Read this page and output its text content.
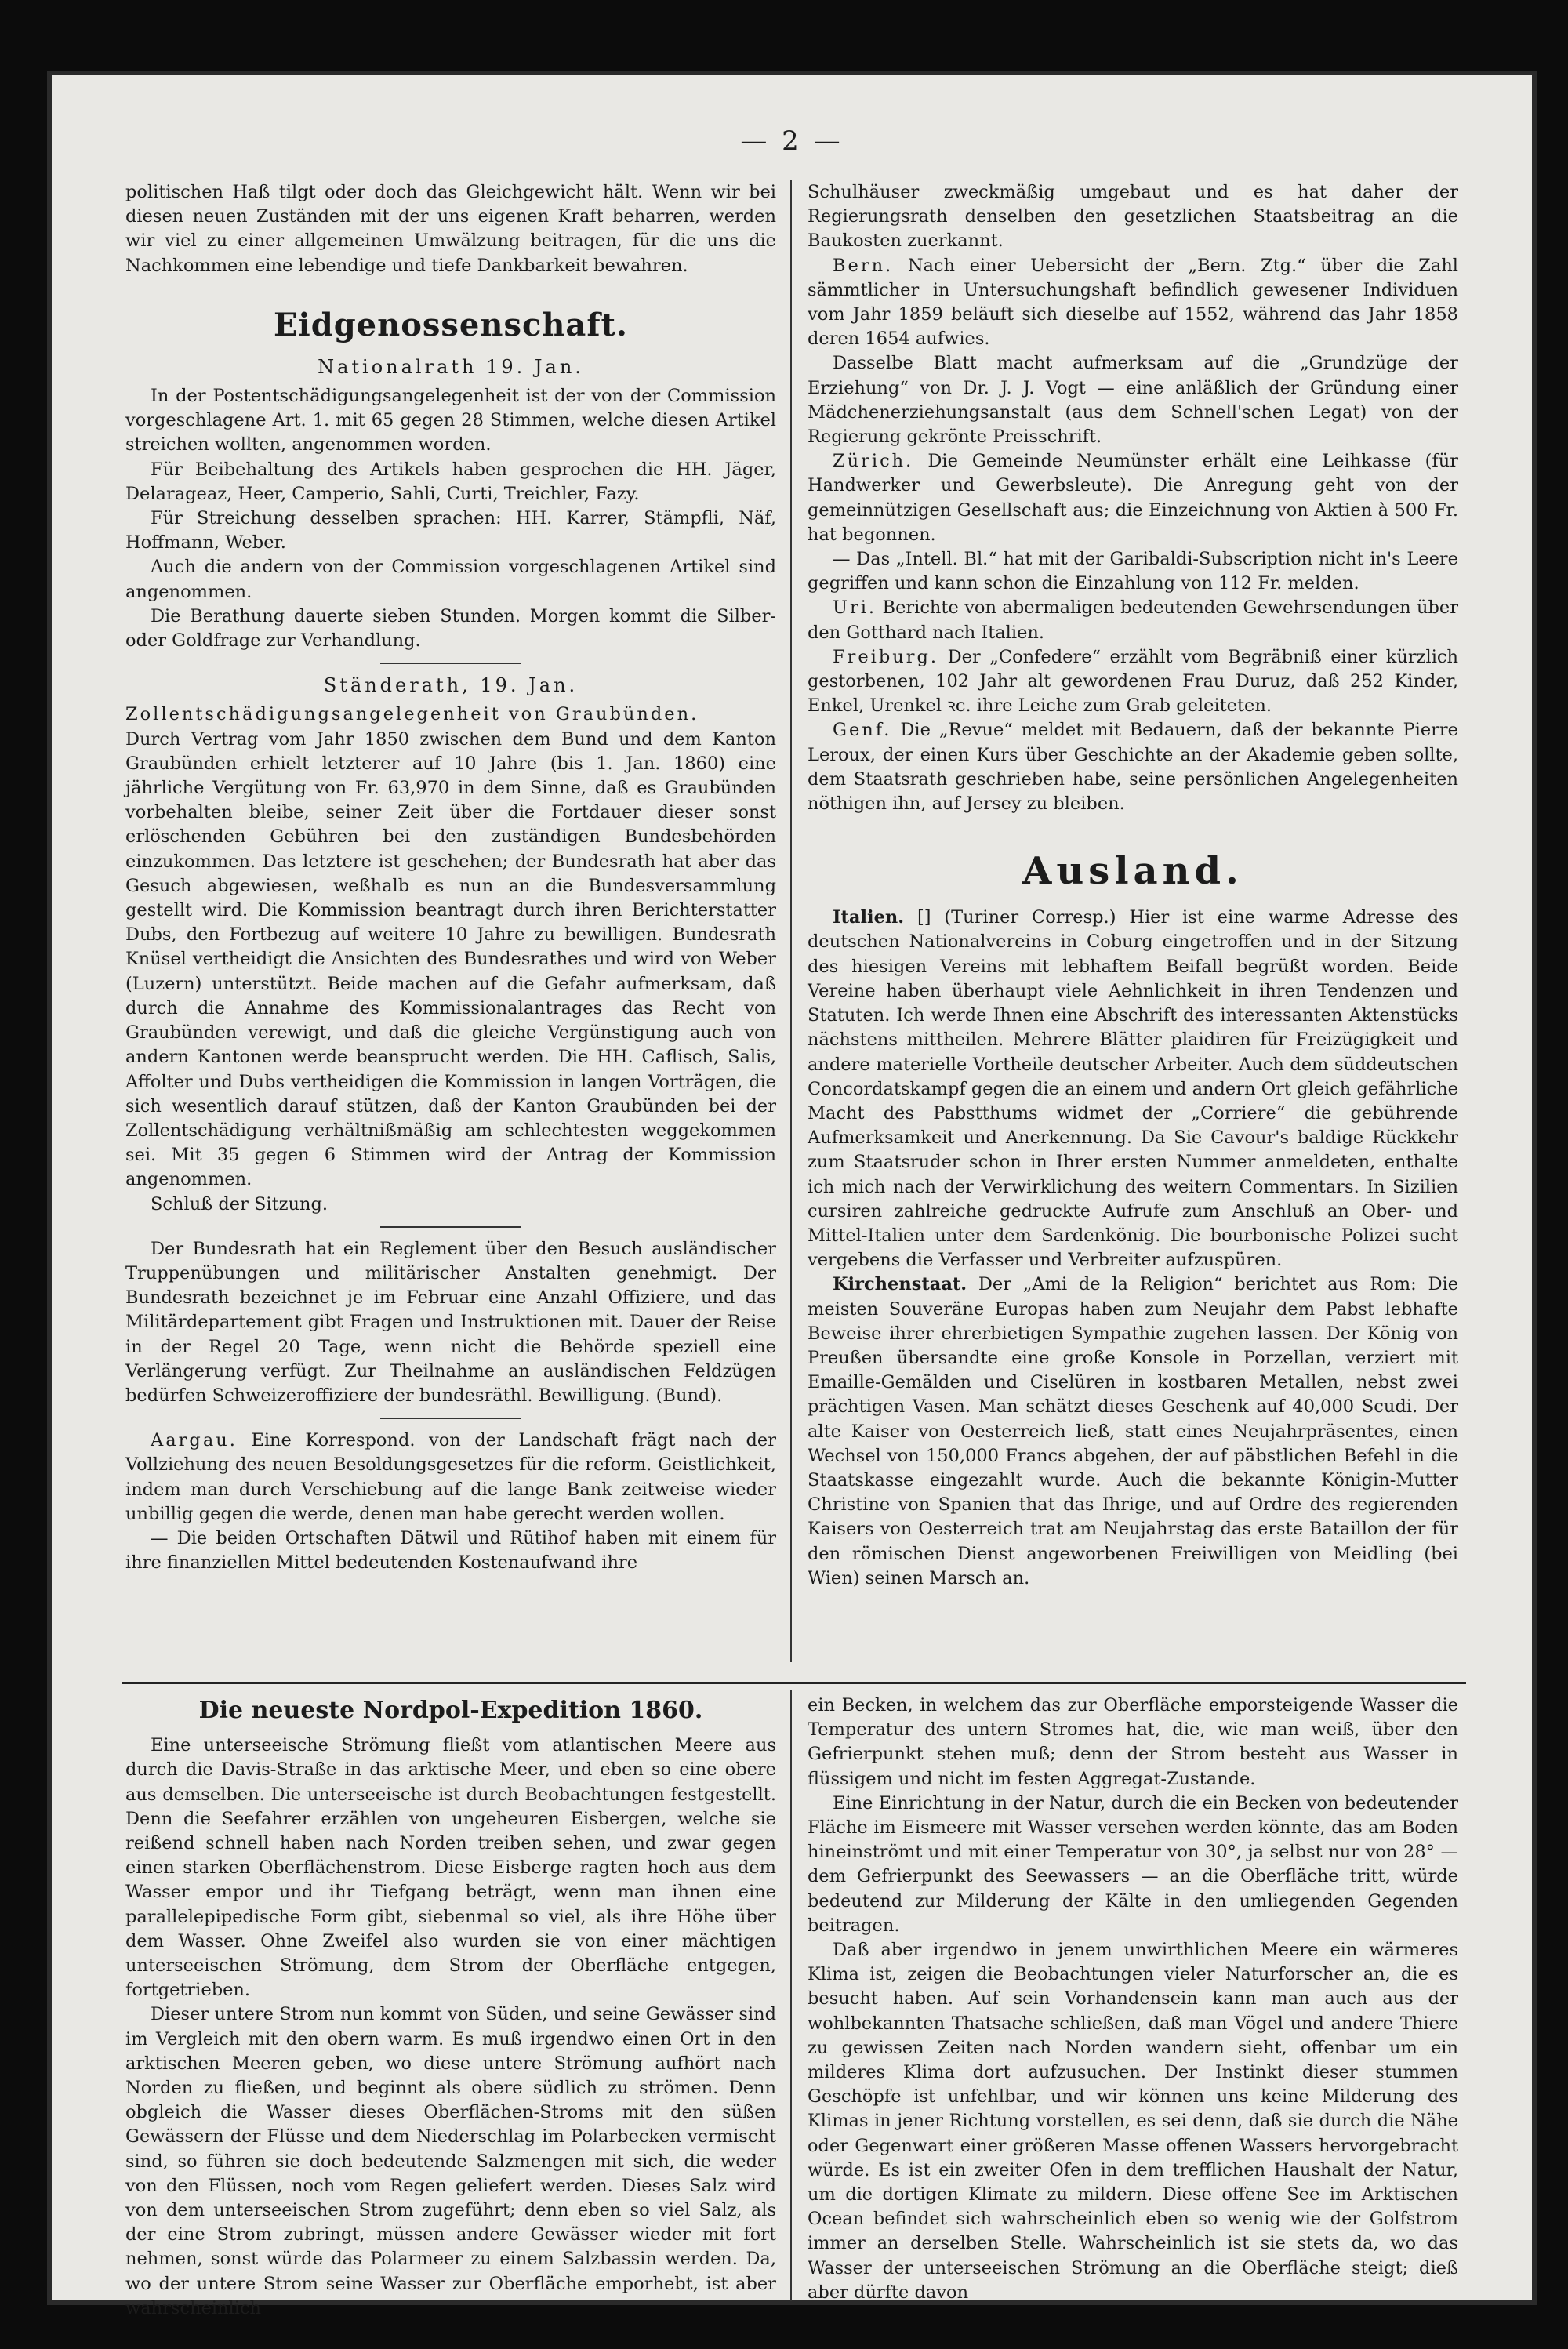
— 2 —

politischen Haß tilgt oder doch das Gleichgewicht hält. Wenn wir bei diesen neuen Zuständen mit der uns eigenen Kraft beharren, werden wir viel zu einer allgemeinen Umwälzung beitragen, für die uns die Nachkommen eine lebendige und tiefe Dankbarkeit bewahren.

Eidgenossenschaft.
Nationalrath 19. Jan.

In der Postentschädigungsangelegenheit ist der von der Commission vorgeschlagene Art. 1. mit 65 gegen 28 Stimmen, welche diesen Artikel streichen wollten, angenommen worden.

Für Beibehaltung des Artikels haben gesprochen die HH. Jäger, Delarageaz, Heer, Camperio, Sahli, Curti, Treichler, Fazy.

Für Streichung desselben sprachen: HH. Karrer, Stämpfli, Näf, Hoffmann, Weber.

Auch die andern von der Commission vorgeschlagenen Artikel sind angenommen.

Die Berathung dauerte sieben Stunden. Morgen kommt die Silber- oder Goldfrage zur Verhandlung.

Ständerath, 19. Jan.

Zollentschädigungsangelegenheit von Graubünden.

Durch Vertrag vom Jahr 1850 zwischen dem Bund und dem Kanton Graubünden erhielt letzterer auf 10 Jahre (bis 1. Jan. 1860) eine jährliche Vergütung von Fr. 63,970 in dem Sinne, daß es Graubünden vorbehalten bleibe, seiner Zeit über die Fortdauer dieser sonst erlöschenden Gebühren bei den zuständigen Bundesbehörden einzukommen. Das letztere ist geschehen; der Bundesrath hat aber das Gesuch abgewiesen, weßhalb es nun an die Bundesversammlung gestellt wird. Die Kommission beantragt durch ihren Berichterstatter Dubs, den Fortbezug auf weitere 10 Jahre zu bewilligen. Bundesrath Knüsel vertheidigt die Ansichten des Bundesrathes und wird von Weber (Luzern) unterstützt. Beide machen auf die Gefahr aufmerksam, daß durch die Annahme des Kommissionalantrages das Recht von Graubünden verewigt, und daß die gleiche Vergünstigung auch von andern Kantonen werde beansprucht werden. Die HH. Caflisch, Salis, Affolter und Dubs vertheidigen die Kommission in langen Vorträgen, die sich wesentlich darauf stützen, daß der Kanton Graubünden bei der Zollentschädigung verhältnißmäßig am schlechtesten weggekommen sei. Mit 35 gegen 6 Stimmen wird der Antrag der Kommission angenommen.

Schluß der Sitzung.

Der Bundesrath hat ein Reglement über den Besuch ausländischer Truppenübungen und militärischer Anstalten genehmigt. Der Bundesrath bezeichnet je im Februar eine Anzahl Offiziere, und das Militärdepartement gibt Fragen und Instruktionen mit. Dauer der Reise in der Regel 20 Tage, wenn nicht die Behörde speziell eine Verlängerung verfügt. Zur Theilnahme an ausländischen Feldzügen bedürfen Schweizeroffiziere der bundesräthl. Bewilligung. (Bund).

Aargau. Eine Korrespond. von der Landschaft frägt nach der Vollziehung des neuen Besoldungsgesetzes für die reform. Geistlichkeit, indem man durch Verschiebung auf die lange Bank zeitweise wieder unbillig gegen die werde, denen man habe gerecht werden wollen.

— Die beiden Ortschaften Dätwil und Rütihof haben mit einem für ihre finanziellen Mittel bedeutenden Kostenaufwand ihre

Schulhäuser zweckmäßig umgebaut und es hat daher der Regierungsrath denselben den gesetzlichen Staatsbeitrag an die Baukosten zuerkannt.

Bern. Nach einer Uebersicht der „Bern. Ztg.“ über die Zahl sämmtlicher in Untersuchungshaft befindlich gewesener Individuen vom Jahr 1859 beläuft sich dieselbe auf 1552, während das Jahr 1858 deren 1654 aufwies.

Dasselbe Blatt macht aufmerksam auf die „Grundzüge der Erziehung“ von Dr. J. J. Vogt — eine anläßlich der Gründung einer Mädchenerziehungsanstalt (aus dem Schnell'schen Legat) von der Regierung gekrönte Preisschrift.

Zürich. Die Gemeinde Neumünster erhält eine Leihkasse (für Handwerker und Gewerbsleute). Die Anregung geht von der gemeinnützigen Gesellschaft aus; die Einzeichnung von Aktien à 500 Fr. hat begonnen.

— Das „Intell. Bl.“ hat mit der Garibaldi-Subscription nicht in's Leere gegriffen und kann schon die Einzahlung von 112 Fr. melden.

Uri. Berichte von abermaligen bedeutenden Gewehrsendungen über den Gotthard nach Italien.

Freiburg. Der „Confedere“ erzählt vom Begräbniß einer kürzlich gestorbenen, 102 Jahr alt gewordenen Frau Duruz, daß 252 Kinder, Enkel, Urenkel ꝛc. ihre Leiche zum Grab geleiteten.

Genf. Die „Revue“ meldet mit Bedauern, daß der bekannte Pierre Leroux, der einen Kurs über Geschichte an der Akademie geben sollte, dem Staatsrath geschrieben habe, seine persönlichen Angelegenheiten nöthigen ihn, auf Jersey zu bleiben.

Ausland.

Italien. [] (Turiner Corresp.) Hier ist eine warme Adresse des deutschen Nationalvereins in Coburg eingetroffen und in der Sitzung des hiesigen Vereins mit lebhaftem Beifall begrüßt worden. Beide Vereine haben überhaupt viele Aehnlichkeit in ihren Tendenzen und Statuten. Ich werde Ihnen eine Abschrift des interessanten Aktenstücks nächstens mittheilen. Mehrere Blätter plaidiren für Freizügigkeit und andere materielle Vortheile deutscher Arbeiter. Auch dem süddeutschen Concordatskampf gegen die an einem und andern Ort gleich gefährliche Macht des Pabstthums widmet der „Corriere“ die gebührende Aufmerksamkeit und Anerkennung. Da Sie Cavour's baldige Rückkehr zum Staatsruder schon in Ihrer ersten Nummer anmeldeten, enthalte ich mich nach der Verwirklichung des weitern Commentars. In Sizilien cursiren zahlreiche gedruckte Aufrufe zum Anschluß an Ober- und Mittel-Italien unter dem Sardenkönig. Die bourbonische Polizei sucht vergebens die Verfasser und Verbreiter aufzuspüren.

Kirchenstaat. Der „Ami de la Religion“ berichtet aus Rom: Die meisten Souveräne Europas haben zum Neujahr dem Pabst lebhafte Beweise ihrer ehrerbietigen Sympathie zugehen lassen. Der König von Preußen übersandte eine große Konsole in Porzellan, verziert mit Emaille-Gemälden und Ciselüren in kostbaren Metallen, nebst zwei prächtigen Vasen. Man schätzt dieses Geschenk auf 40,000 Scudi. Der alte Kaiser von Oesterreich ließ, statt eines Neujahrpräsentes, einen Wechsel von 150,000 Francs abgehen, der auf päbstlichen Befehl in die Staatskasse eingezahlt wurde. Auch die bekannte Königin-Mutter Christine von Spanien that das Ihrige, und auf Ordre des regierenden Kaisers von Oesterreich trat am Neujahrstag das erste Bataillon der für den römischen Dienst angeworbenen Freiwilligen von Meidling (bei Wien) seinen Marsch an.

Die neueste Nordpol-Expedition 1860.

Eine unterseeische Strömung fließt vom atlantischen Meere aus durch die Davis-Straße in das arktische Meer, und eben so eine obere aus demselben. Die unterseeische ist durch Beobachtungen festgestellt. Denn die Seefahrer erzählen von ungeheuren Eisbergen, welche sie reißend schnell haben nach Norden treiben sehen, und zwar gegen einen starken Oberflächenstrom. Diese Eisberge ragten hoch aus dem Wasser empor und ihr Tiefgang beträgt, wenn man ihnen eine parallelepipedische Form gibt, siebenmal so viel, als ihre Höhe über dem Wasser. Ohne Zweifel also wurden sie von einer mächtigen unterseeischen Strömung, dem Strom der Oberfläche entgegen, fortgetrieben.

Dieser untere Strom nun kommt von Süden, und seine Gewässer sind im Vergleich mit den obern warm. Es muß irgendwo einen Ort in den arktischen Meeren geben, wo diese untere Strömung aufhört nach Norden zu fließen, und beginnt als obere südlich zu strömen. Denn obgleich die Wasser dieses Oberflächen-Stroms mit den süßen Gewässern der Flüsse und dem Niederschlag im Polarbecken vermischt sind, so führen sie doch bedeutende Salzmengen mit sich, die weder von den Flüssen, noch vom Regen geliefert werden. Dieses Salz wird von dem unterseeischen Strom zugeführt; denn eben so viel Salz, als der eine Strom zubringt, müssen andere Gewässer wieder mit fort nehmen, sonst würde das Polarmeer zu einem Salzbassin werden. Da, wo der untere Strom seine Wasser zur Oberfläche emporhebt, ist aber wahrscheinlich

ein Becken, in welchem das zur Oberfläche emporsteigende Wasser die Temperatur des untern Stromes hat, die, wie man weiß, über den Gefrierpunkt stehen muß; denn der Strom besteht aus Wasser in flüssigem und nicht im festen Aggregat-Zustande.

Eine Einrichtung in der Natur, durch die ein Becken von bedeutender Fläche im Eismeere mit Wasser versehen werden könnte, das am Boden hineinströmt und mit einer Temperatur von 30°, ja selbst nur von 28° — dem Gefrierpunkt des Seewassers — an die Oberfläche tritt, würde bedeutend zur Milderung der Kälte in den umliegenden Gegenden beitragen.

Daß aber irgendwo in jenem unwirthlichen Meere ein wärmeres Klima ist, zeigen die Beobachtungen vieler Naturforscher an, die es besucht haben. Auf sein Vorhandensein kann man auch aus der wohlbekannten Thatsache schließen, daß man Vögel und andere Thiere zu gewissen Zeiten nach Norden wandern sieht, offenbar um ein milderes Klima dort aufzusuchen. Der Instinkt dieser stummen Geschöpfe ist unfehlbar, und wir können uns keine Milderung des Klimas in jener Richtung vorstellen, es sei denn, daß sie durch die Nähe oder Gegenwart einer größeren Masse offenen Wassers hervorgebracht würde. Es ist ein zweiter Ofen in dem trefflichen Haushalt der Natur, um die dortigen Klimate zu mildern. Diese offene See im Arktischen Ocean befindet sich wahrscheinlich eben so wenig wie der Golfstrom immer an derselben Stelle. Wahrscheinlich ist sie stets da, wo das Wasser der unterseeischen Strömung an die Oberfläche steigt; dieß aber dürfte davon
